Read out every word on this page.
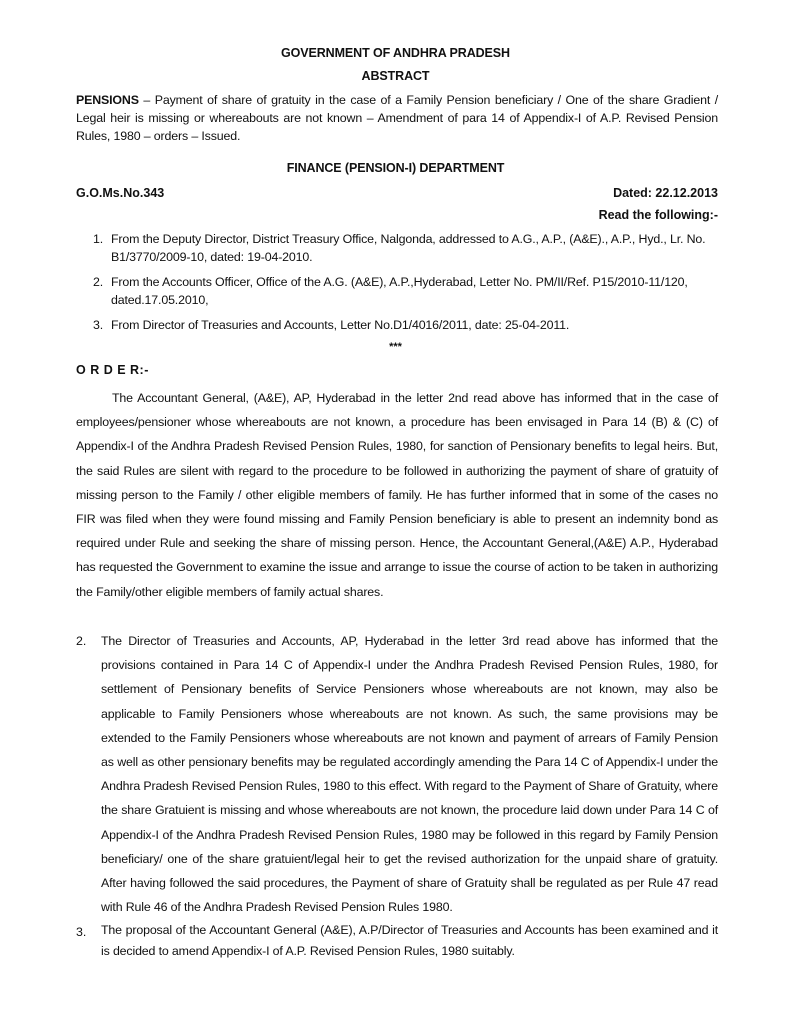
GOVERNMENT OF ANDHRA PRADESH
ABSTRACT
PENSIONS – Payment of share of gratuity in the case of a Family Pension beneficiary / One of the share Gradient / Legal heir is missing or whereabouts are not known – Amendment of para 14 of Appendix-I of A.P. Revised Pension Rules, 1980 – orders – Issued.
FINANCE (PENSION-I) DEPARTMENT
G.O.Ms.No.343	Dated: 22.12.2013
Read the following:-
1. From the Deputy Director, District Treasury Office, Nalgonda, addressed to A.G., A.P., (A&E)., A.P., Hyd., Lr. No. B1/3770/2009-10, dated: 19-04-2010.
2. From the Accounts Officer, Office of the A.G. (A&E), A.P.,Hyderabad, Letter No. PM/II/Ref. P15/2010-11/120, dated.17.05.2010,
3. From Director of Treasuries and Accounts, Letter No.D1/4016/2011, date: 25-04-2011.
***
O R D E R:-
The Accountant General, (A&E), AP, Hyderabad in the letter 2nd read above has informed that in the case of employees/pensioner whose whereabouts are not known, a procedure has been envisaged in Para 14 (B) & (C) of Appendix-I of the Andhra Pradesh Revised Pension Rules, 1980, for sanction of Pensionary benefits to legal heirs. But, the said Rules are silent with regard to the procedure to be followed in authorizing the payment of share of gratuity of missing person to the Family / other eligible members of family. He has further informed that in some of the cases no FIR was filed when they were found missing and Family Pension beneficiary is able to present an indemnity bond as required under Rule and seeking the share of missing person. Hence, the Accountant General,(A&E) A.P., Hyderabad has requested the Government to examine the issue and arrange to issue the course of action to be taken in authorizing the Family/other eligible members of family actual shares.
2. The Director of Treasuries and Accounts, AP, Hyderabad in the letter 3rd read above has informed that the provisions contained in Para 14 C of Appendix-I under the Andhra Pradesh Revised Pension Rules, 1980, for settlement of Pensionary benefits of Service Pensioners whose whereabouts are not known, may also be applicable to Family Pensioners whose whereabouts are not known. As such, the same provisions may be extended to the Family Pensioners whose whereabouts are not known and payment of arrears of Family Pension as well as other pensionary benefits may be regulated accordingly amending the Para 14 C of Appendix-I under the Andhra Pradesh Revised Pension Rules, 1980 to this effect. With regard to the Payment of Share of Gratuity, where the share Gratuient is missing and whose whereabouts are not known, the procedure laid down under Para 14 C of Appendix-I of the Andhra Pradesh Revised Pension Rules, 1980 may be followed in this regard by Family Pension beneficiary/ one of the share gratuient/legal heir to get the revised authorization for the unpaid share of gratuity. After having followed the said procedures, the Payment of share of Gratuity shall be regulated as per Rule 47 read with Rule 46 of the Andhra Pradesh Revised Pension Rules 1980.
3. The proposal of the Accountant General (A&E), A.P/Director of Treasuries and Accounts has been examined and it is decided to amend Appendix-I of A.P. Revised Pension Rules, 1980 suitably.
